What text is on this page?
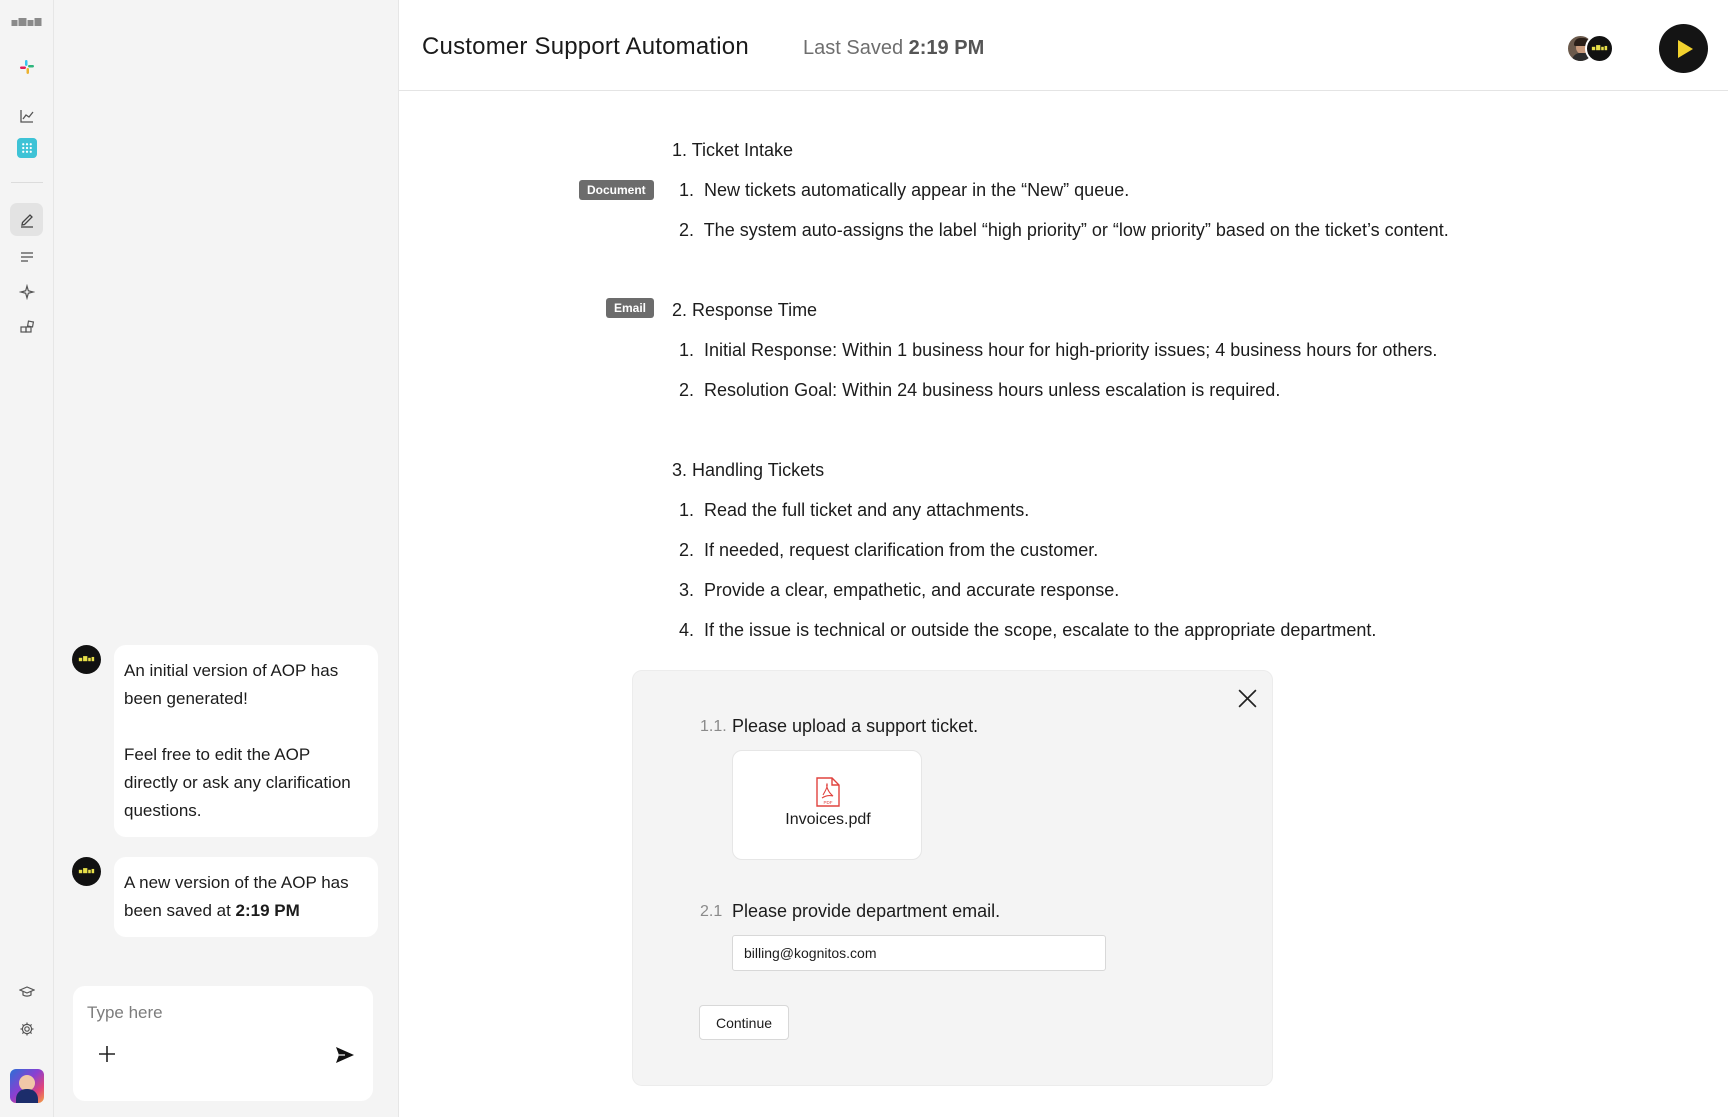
An initial version of AOP has been generated!
Feel free to edit the AOP directly or ask any clarification questions.
A new version of the AOP has been saved at 2:19 PM
Type here
Customer Support Automation	Last Saved 2:19 PM
1. Ticket Intake
Document	1. New tickets automatically appear in the “New” queue.
2. The system auto-assigns the label “high priority” or “low priority” based on the ticket’s content.
Email	2. Response Time
1. Initial Response: Within 1 business hour for high-priority issues; 4 business hours for others.
2. Resolution Goal: Within 24 business hours unless escalation is required.
3. Handling Tickets
1. Read the full ticket and any attachments.
2. If needed, request clarification from the customer.
3. Provide a clear, empathetic, and accurate response.
4. If the issue is technical or outside the scope, escalate to the appropriate department.
1.1. Please upload a support ticket.
PDF
Invoices.pdf
2.1 Please provide department email.
billing@kognitos.com
Continue
